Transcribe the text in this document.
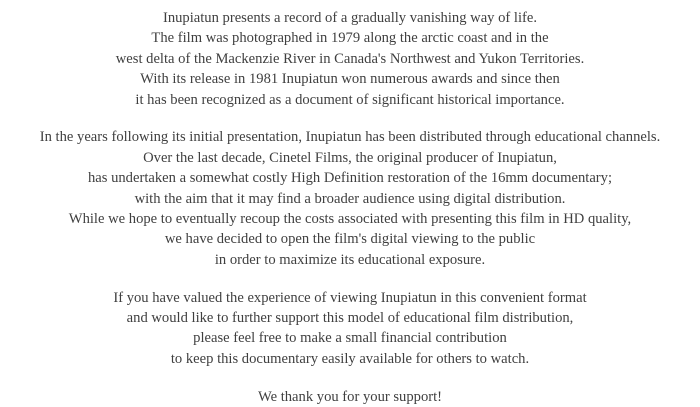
Inupiatun presents a record of a gradually vanishing way of life.
The film was photographed in 1979 along the arctic coast and in the
west delta of the Mackenzie River in Canada's Northwest and Yukon Territories.
With its release in 1981 Inupiatun won numerous awards and since then
it has been recognized as a document of significant historical importance.
In the years following its initial presentation, Inupiatun has been distributed through educational channels.
Over the last decade, Cinetel Films, the original producer of Inupiatun,
has undertaken a somewhat costly High Definition restoration of the 16mm documentary;
with the aim that it may find a broader audience using digital distribution.
While we hope to eventually recoup the costs associated with presenting this film in HD quality,
we have decided to open the film's digital viewing to the public
in order to maximize its educational exposure.
If you have valued the experience of viewing Inupiatun in this convenient format
and would like to further support this model of educational film distribution,
please feel free to make a small financial contribution
to keep this documentary easily available for others to watch.
We thank you for your support!
